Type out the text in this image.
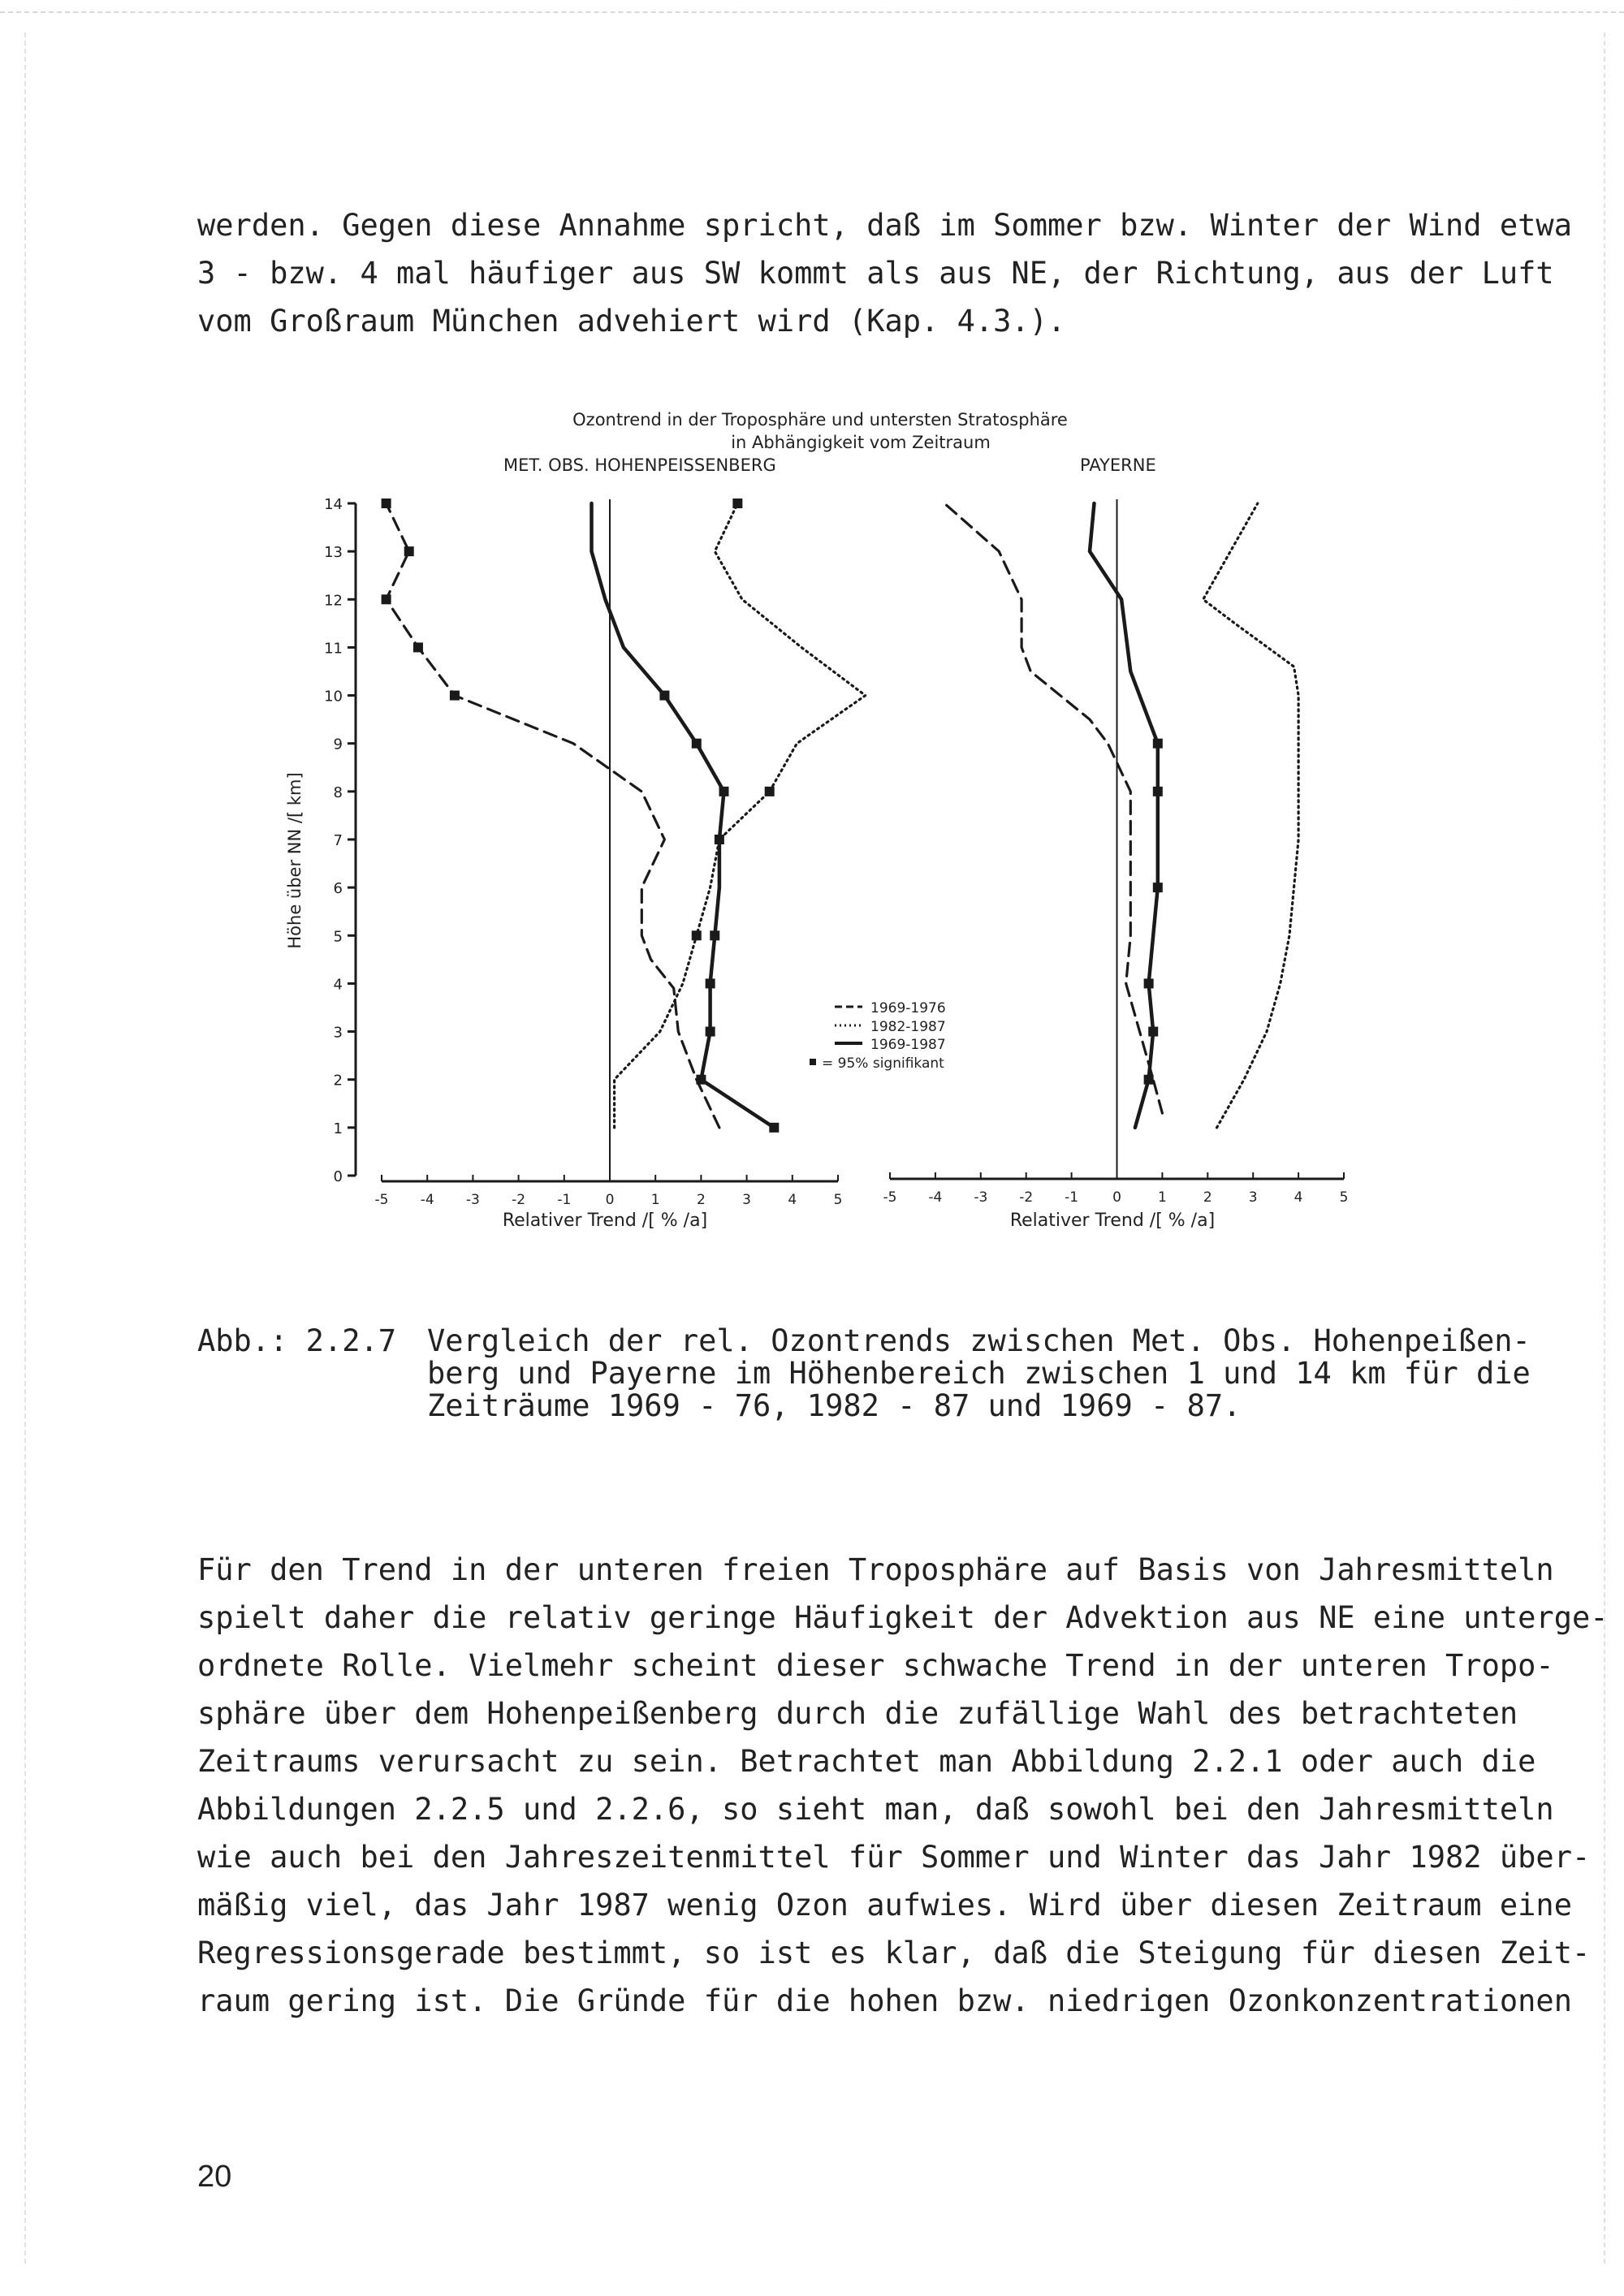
werden. Gegen diese Annahme spricht, daß im Sommer bzw. Winter der Wind etwa
3 - bzw. 4 mal häufiger aus SW kommt als aus NE, der Richtung, aus der Luft
vom Großraum München advehiert wird (Kap. 4.3.).
Ozontrend in der Troposphäre und untersten Stratosphäre
in Abhängigkeit vom Zeitraum
MET. OBS. HOHENPEISSENBERG	PAYERNE
Höhe über NN /[ km]
0
1
2
3
4
5
6
7
8
9
10
11
12
13
14
-5 -4 -3 -2 -1 0	1	2	3	4	5	-5 -4 -3 -2 -1 0	1	2	3	4	5
Relativer Trend /[ % /a]	Relativer Trend /[ % /a]
1969-1976
1982-1987
1969-1987
= 95% signifikant
Abb.: 2.2.7 Vergleich der rel. Ozontrends zwischen Met. Obs. Hohenpeißen-
berg und Payerne im Höhenbereich zwischen 1 und 14 km für die
Zeiträume 1969 - 76, 1982 - 87 und 1969 - 87.
Für den Trend in der unteren freien Troposphäre auf Basis von Jahresmitteln
spielt daher die relativ geringe Häufigkeit der Advektion aus NE eine unterge-
ordnete Rolle. Vielmehr scheint dieser schwache Trend in der unteren Tropo-
sphäre über dem Hohenpeißenberg durch die zufällige Wahl des betrachteten
Zeitraums verursacht zu sein. Betrachtet man Abbildung 2.2.1 oder auch die
Abbildungen 2.2.5 und 2.2.6, so sieht man, daß sowohl bei den Jahresmitteln
wie auch bei den Jahreszeitenmittel für Sommer und Winter das Jahr 1982 über-
mäßig viel, das Jahr 1987 wenig Ozon aufwies. Wird über diesen Zeitraum eine
Regressionsgerade bestimmt, so ist es klar, daß die Steigung für diesen Zeit-
raum gering ist. Die Gründe für die hohen bzw. niedrigen Ozonkonzentrationen
20
